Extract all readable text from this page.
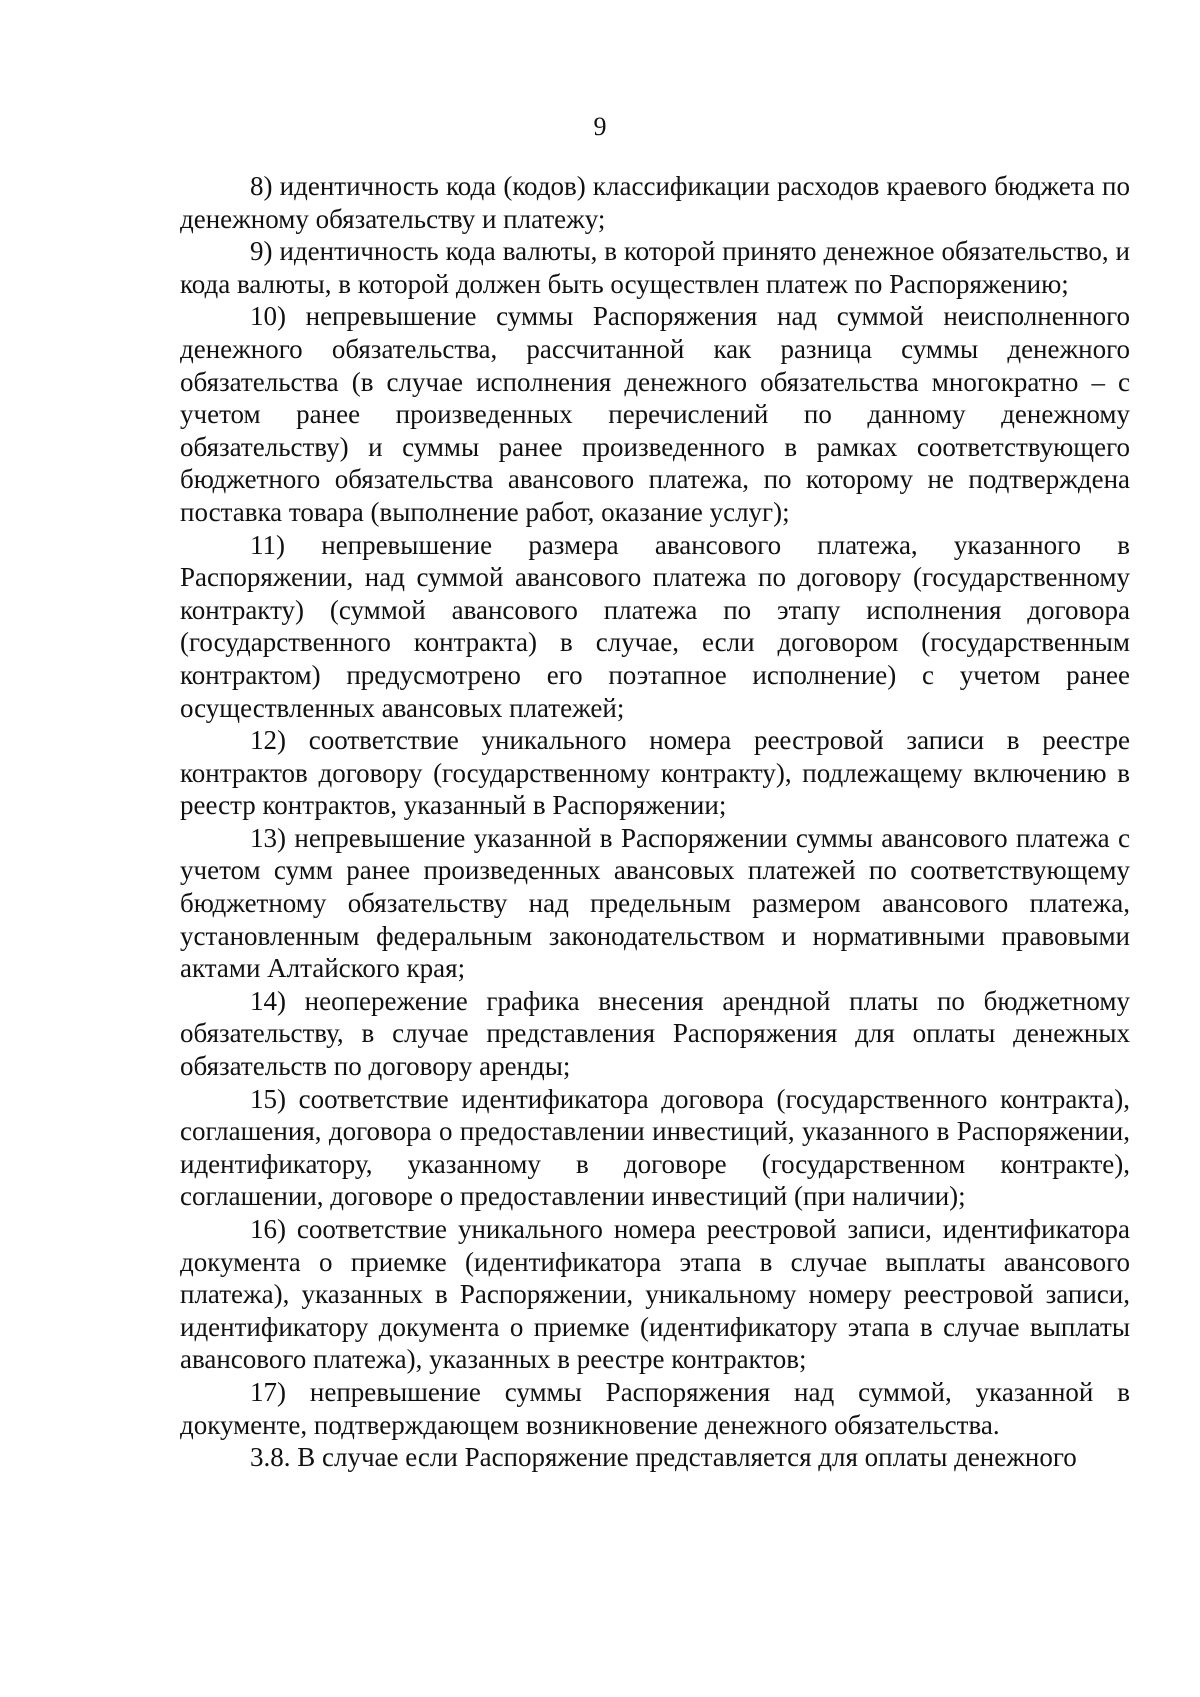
9

8) идентичность кода (кодов) классификации расходов краевого бюджета по денежному обязательству и платежу;

9) идентичность кода валюты, в которой принято денежное обязательство, и кода валюты, в которой должен быть осуществлен платеж по Распоряжению;

10) непревышение суммы Распоряжения над суммой неисполненного денежного обязательства, рассчитанной как разница суммы денежного обязательства (в случае исполнения денежного обязательства многократно – с учетом ранее произведенных перечислений по данному денежному обязательству) и суммы ранее произведенного в рамках соответствующего бюджетного обязательства авансового платежа, по которому не подтверждена поставка товара (выполнение работ, оказание услуг);

11) непревышение размера авансового платежа, указанного в Распоряжении, над суммой авансового платежа по договору (государственному контракту) (суммой авансового платежа по этапу исполнения договора (государственного контракта) в случае, если договором (государственным контрактом) предусмотрено его поэтапное исполнение) с учетом ранее осуществленных авансовых платежей;

12) соответствие уникального номера реестровой записи в реестре контрактов договору (государственному контракту), подлежащему включению в реестр контрактов, указанный в Распоряжении;

13) непревышение указанной в Распоряжении суммы авансового платежа с учетом сумм ранее произведенных авансовых платежей по соответствующему бюджетному обязательству над предельным размером авансового платежа, установленным федеральным законодательством и нормативными правовыми актами Алтайского края;

14) неопережение графика внесения арендной платы по бюджетному обязательству, в случае представления Распоряжения для оплаты денежных обязательств по договору аренды;

15) соответствие идентификатора договора (государственного контракта), соглашения, договора о предоставлении инвестиций, указанного в Распоряжении, идентификатору, указанному в договоре (государственном контракте), соглашении, договоре о предоставлении инвестиций (при наличии);

16) соответствие уникального номера реестровой записи, идентификатора документа о приемке (идентификатора этапа в случае выплаты авансового платежа), указанных в Распоряжении, уникальному номеру реестровой записи, идентификатору документа о приемке (идентификатору этапа в случае выплаты авансового платежа), указанных в реестре контрактов;

17) непревышение суммы Распоряжения над суммой, указанной в документе, подтверждающем возникновение денежного обязательства.

3.8. В случае если Распоряжение представляется для оплаты денежного
